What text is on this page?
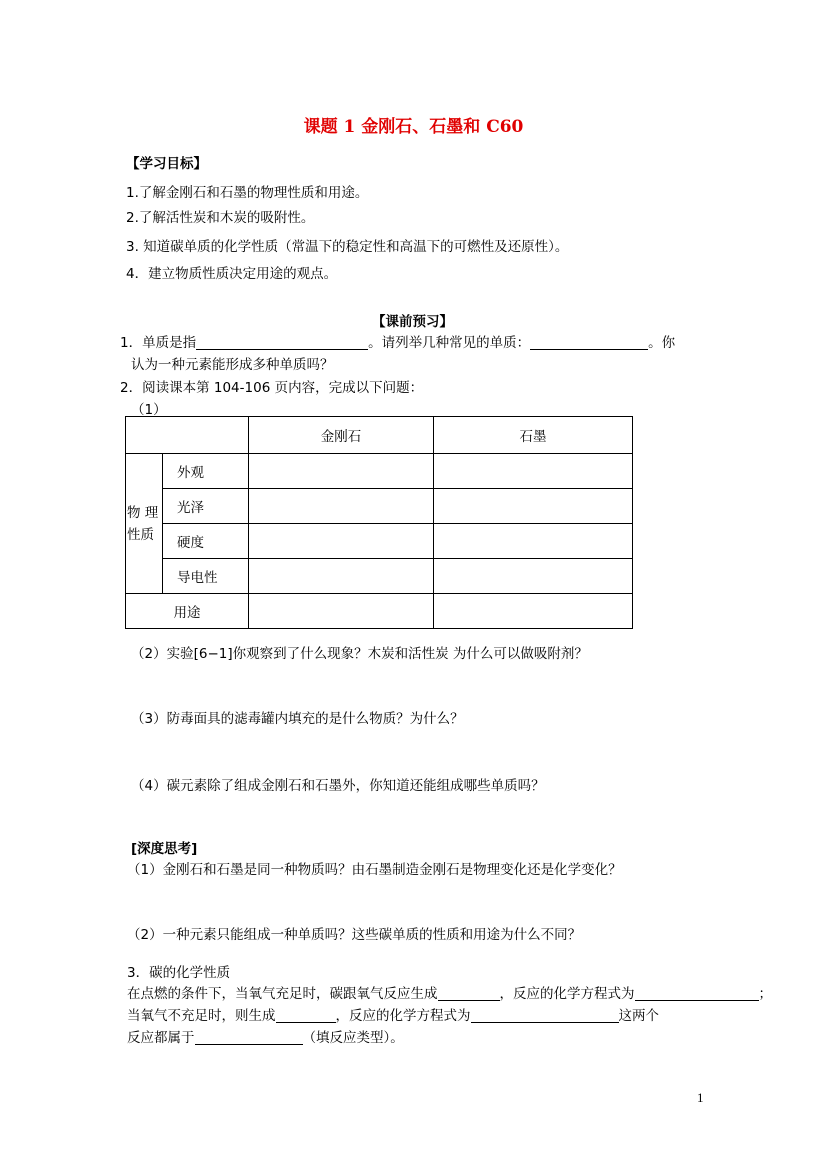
课题 1 金刚石、石墨和 C60
【学习目标】
1.了解金刚石和石墨的物理性质和用途。
2.了解活性炭和木炭的吸附性。
3. 知道碳单质的化学性质（常温下的稳定性和高温下的可燃性及还原性）。
4．建立物质性质决定用途的观点。
【课前预习】
1．单质是指	。请列举几种常见的单质：	。你
认为一种元素能形成多种单质吗？
2．阅读课本第 104-106 页内容，完成以下问题：
（1）
		金刚石	石墨

物 理
性质	外观		
	光泽		
	硬度		
	导电性		
用途			
（2）实验[6−1]你观察到了什么现象？木炭和活性炭 为什么可以做吸附剂？
（3）防毒面具的滤毒罐内填充的是什么物质？为什么？
（4）碳元素除了组成金刚石和石墨外，你知道还能组成哪些单质吗？
[深度思考]
（1）金刚石和石墨是同一种物质吗？由石墨制造金刚石是物理变化还是化学变化？
（2）一种元素只能组成一种单质吗？这些碳单质的性质和用途为什么不同？
3．碳的化学性质
在点燃的条件下，当氧气充足时，碳跟氧气反应生成	，反应的化学方程式为	；
当氧气不充足时，则生成	，反应的化学方程式为	这两个
反应都属于	（填反应类型）。
1
